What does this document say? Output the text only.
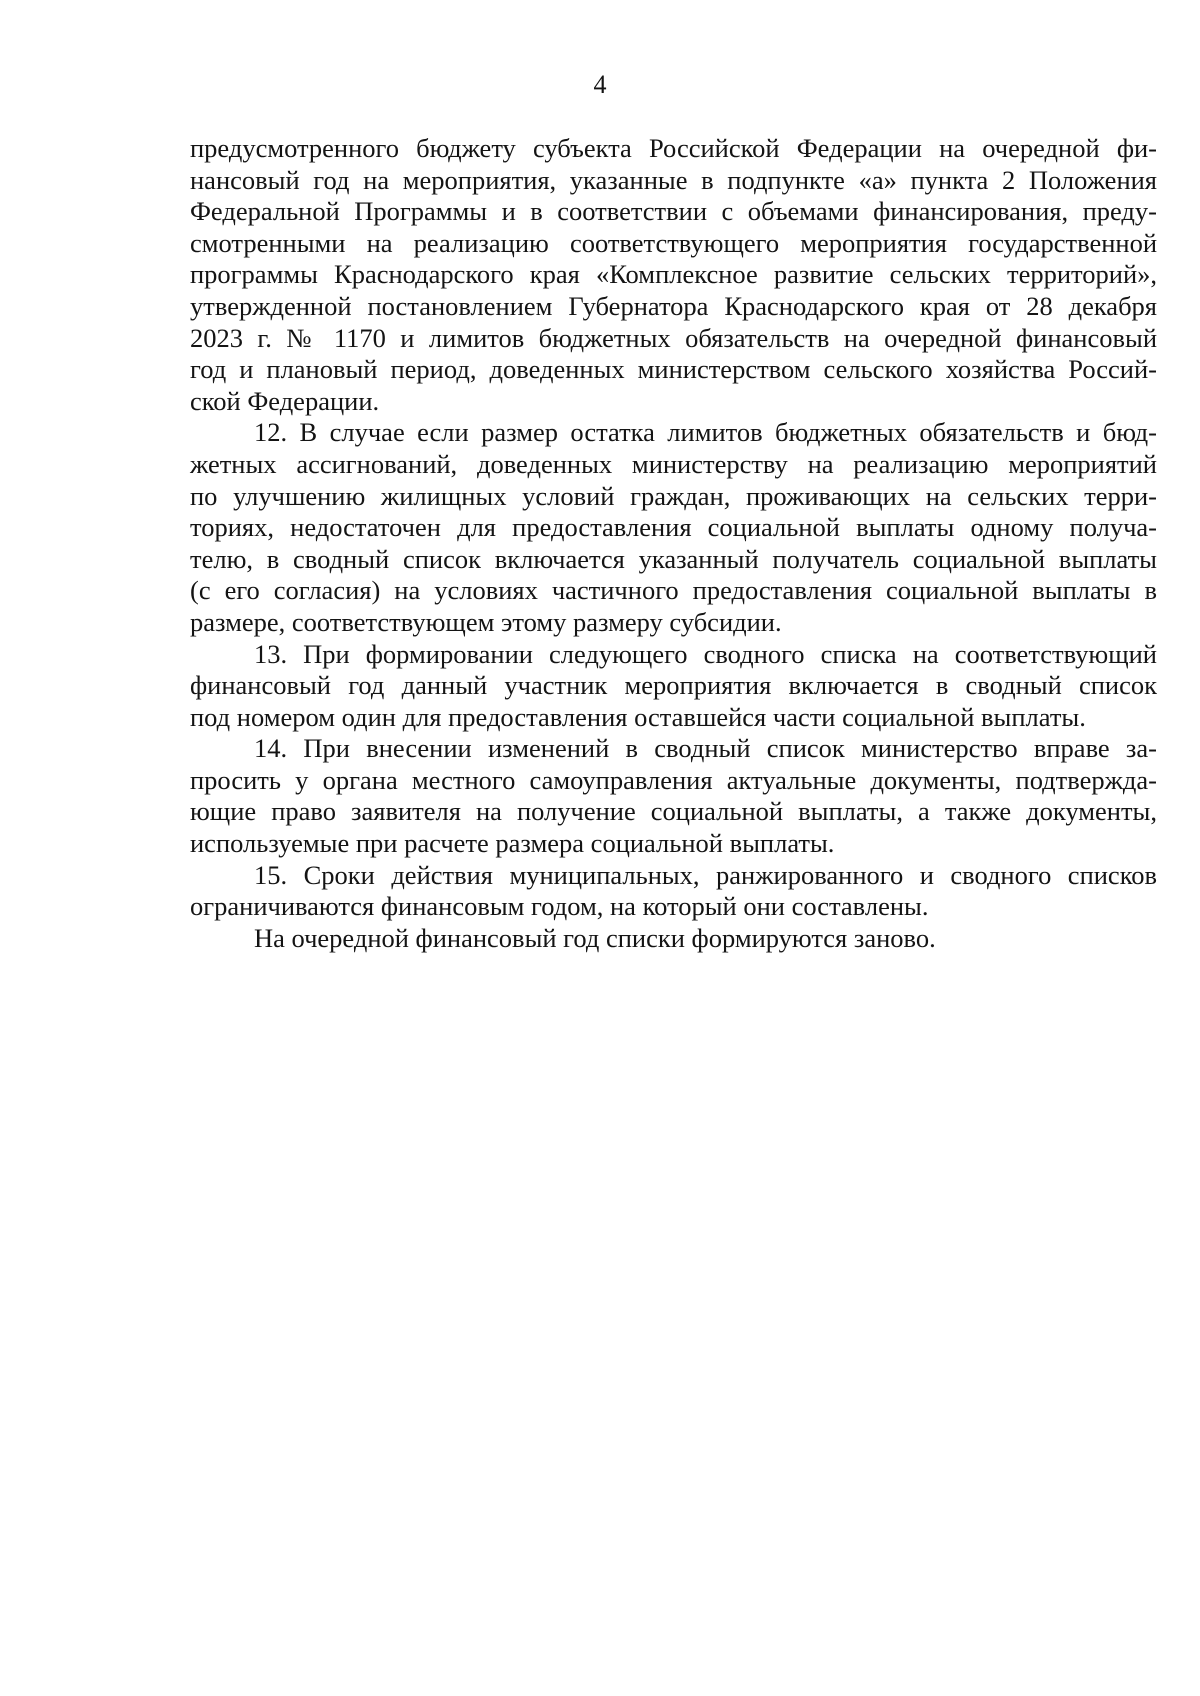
4

предусмотренного бюджету субъекта Российской Федерации на очередной фи-
нансовый год на мероприятия, указанные в подпункте «а» пункта 2 Положения
Федеральной Программы и в соответствии с объемами финансирования, преду-
смотренными на реализацию соответствующего мероприятия государственной
программы Краснодарского края «Комплексное развитие сельских территорий»,
утвержденной постановлением Губернатора Краснодарского края от 28 декабря
2023 г. № 1170 и лимитов бюджетных обязательств на очередной финансовый
год и плановый период, доведенных министерством сельского хозяйства Россий-
ской Федерации.

12. В случае если размер остатка лимитов бюджетных обязательств и бюд-
жетных ассигнований, доведенных министерству на реализацию мероприятий
по улучшению жилищных условий граждан, проживающих на сельских терри-
ториях, недостаточен для предоставления социальной выплаты одному получа-
телю, в сводный список включается указанный получатель социальной выплаты
(с его согласия) на условиях частичного предоставления социальной выплаты в
размере, соответствующем этому размеру субсидии.

13. При формировании следующего сводного списка на соответствующий
финансовый год данный участник мероприятия включается в сводный список
под номером один для предоставления оставшейся части социальной выплаты.

14. При внесении изменений в сводный список министерство вправе за-
просить у органа местного самоуправления актуальные документы, подтвержда-
ющие право заявителя на получение социальной выплаты, а также документы,
используемые при расчете размера социальной выплаты.

15. Сроки действия муниципальных, ранжированного и сводного списков
ограничиваются финансовым годом, на который они составлены.

На очередной финансовый год списки формируются заново.
